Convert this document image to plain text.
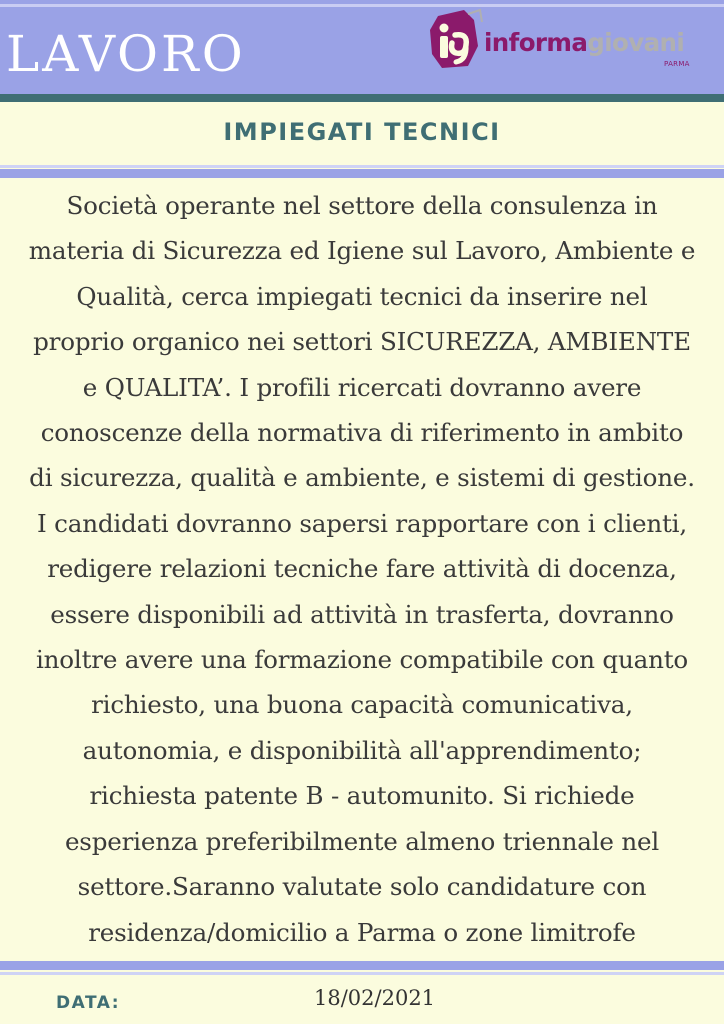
LAVORO	informagiovani
PARMA
IMPIEGATI TECNICI
Società operante nel settore della consulenza in
materia di Sicurezza ed Igiene sul Lavoro, Ambiente e
Qualità, cerca impiegati tecnici da inserire nel
proprio organico nei settori SICUREZZA, AMBIENTE
e QUALITA’. I profili ricercati dovranno avere
conoscenze della normativa di riferimento in ambito
di sicurezza, qualità e ambiente, e sistemi di gestione.
I candidati dovranno sapersi rapportare con i clienti,
redigere relazioni tecniche fare attività di docenza,
essere disponibili ad attività in trasferta, dovranno
inoltre avere una formazione compatibile con quanto
richiesto, una buona capacità comunicativa,
autonomia, e disponibilità all'apprendimento;
richiesta patente B - automunito. Si richiede
esperienza preferibilmente almeno triennale nel
settore.Saranno valutate solo candidature con
residenza/domicilio a Parma o zone limitrofe
DATA:	18/02/2021
